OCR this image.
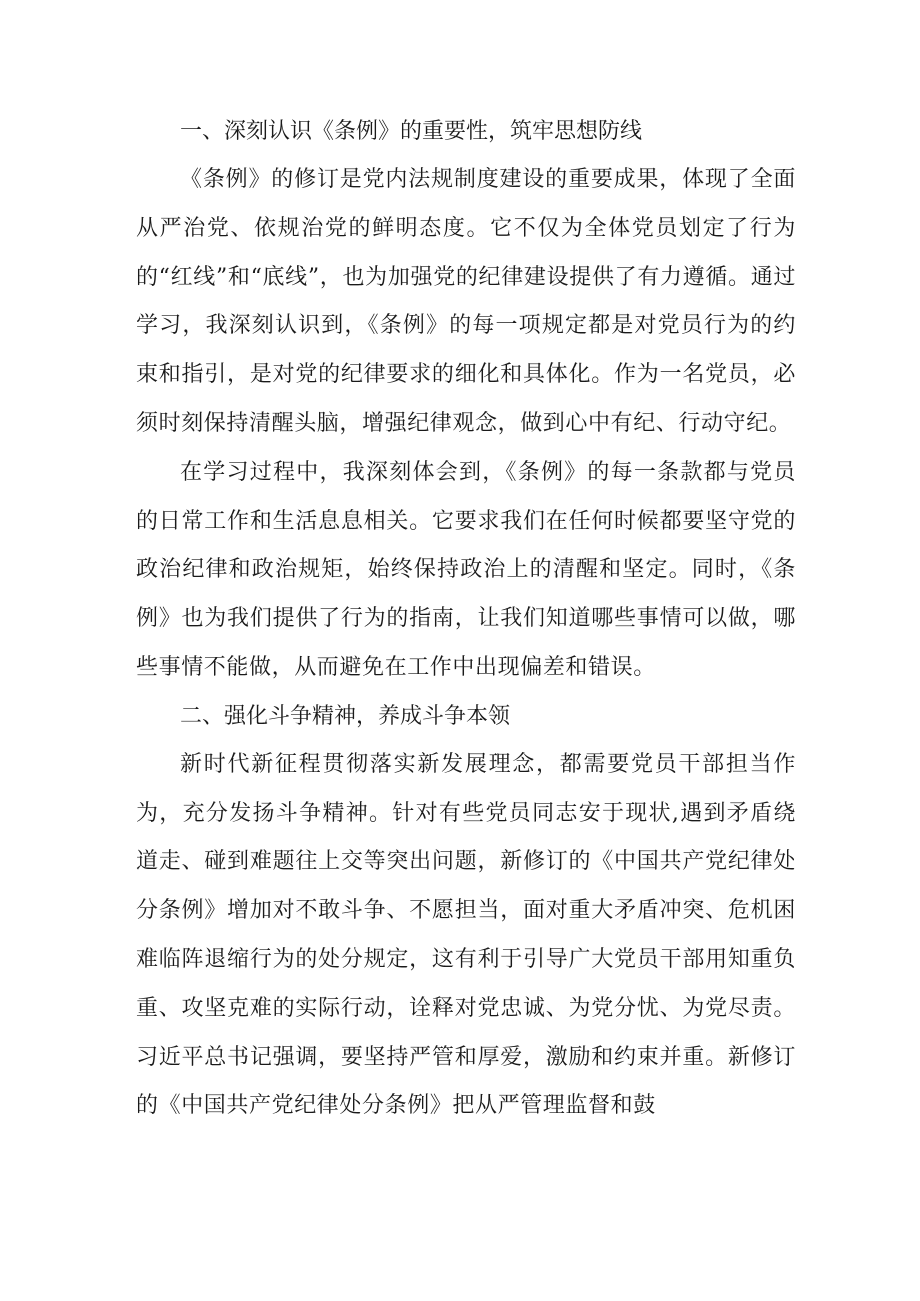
一、深刻认识《条例》的重要性，筑牢思想防线

《条例》的修订是党内法规制度建设的重要成果，体现了全面从严治党、依规治党的鲜明态度。它不仅为全体党员划定了行为的“红线”和“底线”，也为加强党的纪律建设提供了有力遵循。通过学习，我深刻认识到，《条例》的每一项规定都是对党员行为的约束和指引，是对党的纪律要求的细化和具体化。作为一名党员，必须时刻保持清醒头脑，增强纪律观念，做到心中有纪、行动守纪。

在学习过程中，我深刻体会到，《条例》的每一条款都与党员的日常工作和生活息息相关。它要求我们在任何时候都要坚守党的政治纪律和政治规矩，始终保持政治上的清醒和坚定。同时，《条例》也为我们提供了行为的指南，让我们知道哪些事情可以做，哪些事情不能做，从而避免在工作中出现偏差和错误。

二、强化斗争精神，养成斗争本领

新时代新征程贯彻落实新发展理念，都需要党员干部担当作为，充分发扬斗争精神。针对有些党员同志安于现状,遇到矛盾绕道走、碰到难题往上交等突出问题，新修订的《中国共产党纪律处分条例》增加对不敢斗争、不愿担当，面对重大矛盾冲突、危机困难临阵退缩行为的处分规定，这有利于引导广大党员干部用知重负重、攻坚克难的实际行动，诠释对党忠诚、为党分忧、为党尽责。习近平总书记强调，要坚持严管和厚爱，激励和约束并重。新修订的《中国共产党纪律处分条例》把从严管理监督和鼓
